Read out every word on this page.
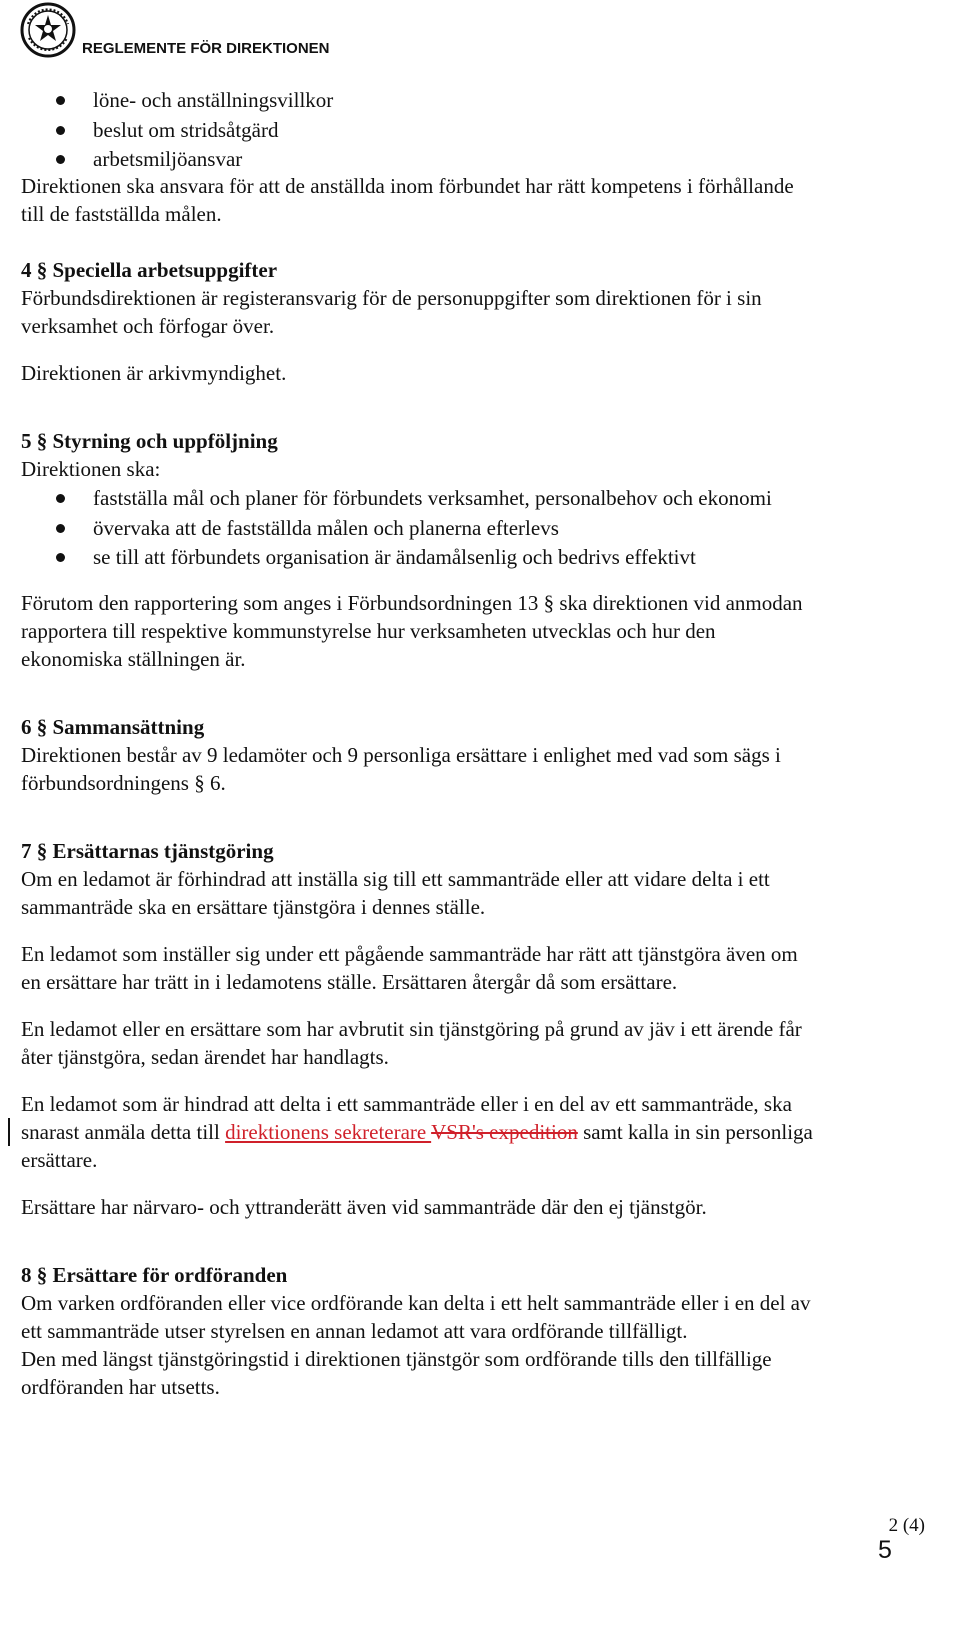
REGLEMENTE FÖR DIREKTIONEN
löne- och anställningsvillkor
beslut om stridsåtgärd
arbetsmiljöansvar

Direktionen ska ansvara för att de anställda inom förbundet har rätt kompetens i förhållande
till de fastställda målen.

4 § Speciella arbetsuppgifter

Förbundsdirektionen är registeransvarig för de personuppgifter som direktionen för i sin
verksamhet och förfogar över.

Direktionen är arkivmyndighet.

5 § Styrning och uppföljning

Direktionen ska:

fastställa mål och planer för förbundets verksamhet, personalbehov och ekonomi
övervaka att de fastställda målen och planerna efterlevs
se till att förbundets organisation är ändamålsenlig och bedrivs effektivt

Förutom den rapportering som anges i Förbundsordningen 13 § ska direktionen vid anmodan
rapportera till respektive kommunstyrelse hur verksamheten utvecklas och hur den
ekonomiska ställningen är.

6 § Sammansättning

Direktionen består av 9 ledamöter och 9 personliga ersättare i enlighet med vad som sägs i
förbundsordningens § 6.

7 § Ersättarnas tjänstgöring

Om en ledamot är förhindrad att inställa sig till ett sammanträde eller att vidare delta i ett
sammanträde ska en ersättare tjänstgöra i dennes ställe.

En ledamot som inställer sig under ett pågående sammanträde har rätt att tjänstgöra även om
en ersättare har trätt in i ledamotens ställe. Ersättaren återgår då som ersättare.

En ledamot eller en ersättare som har avbrutit sin tjänstgöring på grund av jäv i ett ärende får
åter tjänstgöra, sedan ärendet har handlagts.

En ledamot som är hindrad att delta i ett sammanträde eller i en del av ett sammanträde, ska
snarast anmäla detta till direktionens sekreterare VSR's expedition samt kalla in sin personliga
ersättare.

Ersättare har närvaro- och yttranderätt även vid sammanträde där den ej tjänstgör.

8 § Ersättare för ordföranden

Om varken ordföranden eller vice ordförande kan delta i ett helt sammanträde eller i en del av
ett sammanträde utser styrelsen en annan ledamot att vara ordförande tillfälligt.
Den med längst tjänstgöringstid i direktionen tjänstgör som ordförande tills den tillfällige
ordföranden har utsetts.

2 (4)
5
